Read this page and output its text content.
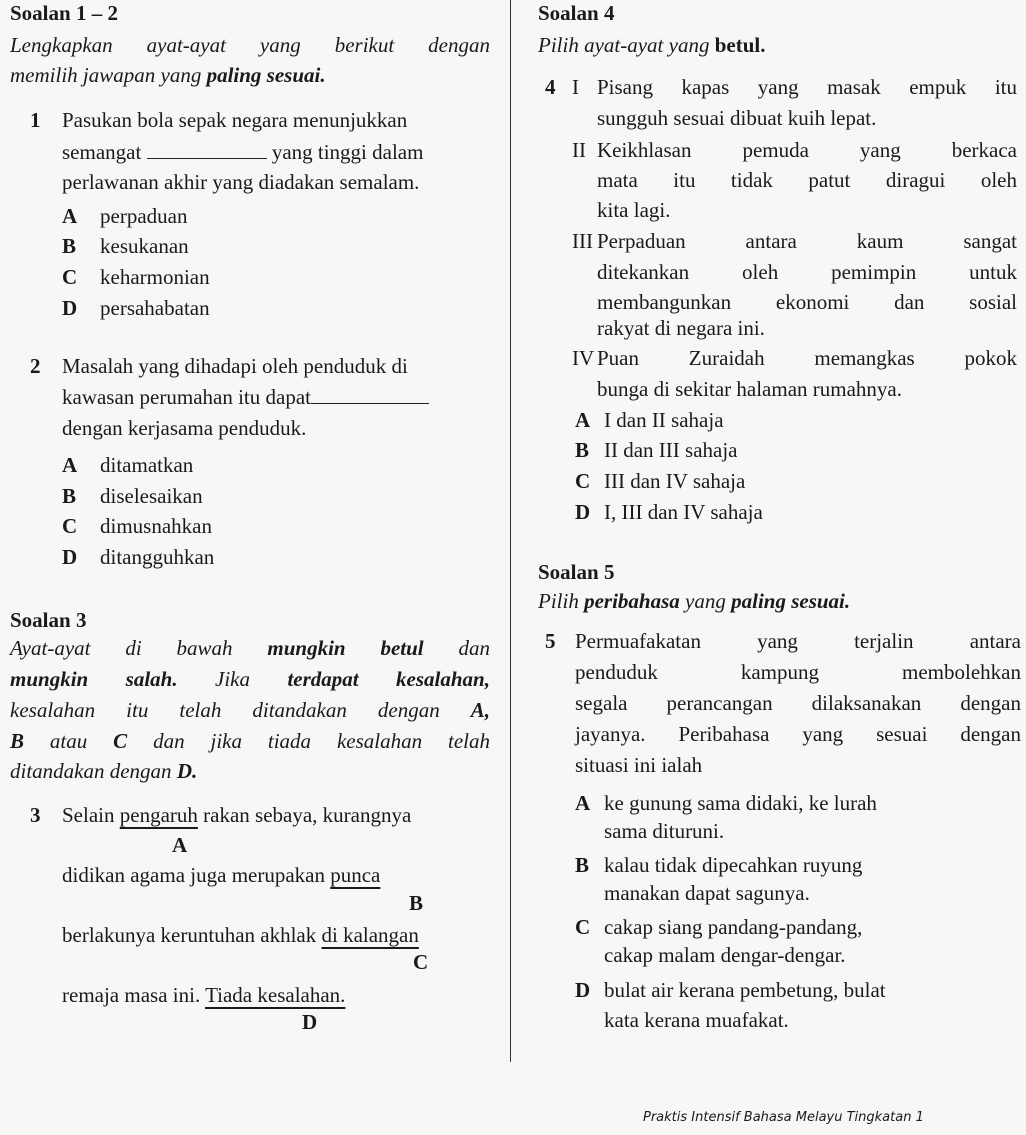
Soalan 1 – 2
Lengkapkan ayat-ayat yang berikut dengan
memilih jawapan yang paling sesuai.
1 Pasukan bola sepak negara menunjukkan
semangat	yang tinggi dalam
perlawanan akhir yang diadakan semalam.
A perpaduan
B kesukanan
C keharmonian
D persahabatan
2 Masalah yang dihadapi oleh penduduk di
kawasan perumahan itu dapat
dengan kerjasama penduduk.
A ditamatkan
B diselesaikan
C dimusnahkan
D ditangguhkan
Soalan 3
Ayat-ayat di bawah mungkin betul dan
mungkin salah. Jika terdapat kesalahan,
kesalahan itu telah ditandakan dengan A,
B atau C dan jika tiada kesalahan telah
ditandakan dengan D.
3 Selain pengaruh rakan sebaya, kurangnya
A
didikan agama juga merupakan punca
B
berlakunya keruntuhan akhlak di kalangan
C
remaja masa ini. Tiada kesalahan.
D
Soalan 4
Pilih ayat-ayat yang betul.
4 I Pisang kapas yang masak empuk itu
sungguh sesuai dibuat kuih lepat.
II Keikhlasan pemuda yang berkaca
mata itu tidak patut diragui oleh
kita lagi.
III Perpaduan antara kaum sangat
ditekankan oleh pemimpin untuk
membangunkan ekonomi dan sosial
rakyat di negara ini.
IV Puan Zuraidah memangkas pokok
bunga di sekitar halaman rumahnya.
A I dan II sahaja
B II dan III sahaja
C III dan IV sahaja
D I, III dan IV sahaja
Soalan 5
Pilih peribahasa yang paling sesuai.
5 Permuafakatan yang terjalin antara
penduduk kampung membolehkan
segala perancangan dilaksanakan dengan
jayanya. Peribahasa yang sesuai dengan
situasi ini ialah
A ke gunung sama didaki, ke lurah
sama dituruni.
B kalau tidak dipecahkan ruyung
manakan dapat sagunya.
C cakap siang pandang-pandang,
cakap malam dengar-dengar.
D bulat air kerana pembetung, bulat
kata kerana muafakat.
Praktis Intensif Bahasa Melayu Tingkatan 1
